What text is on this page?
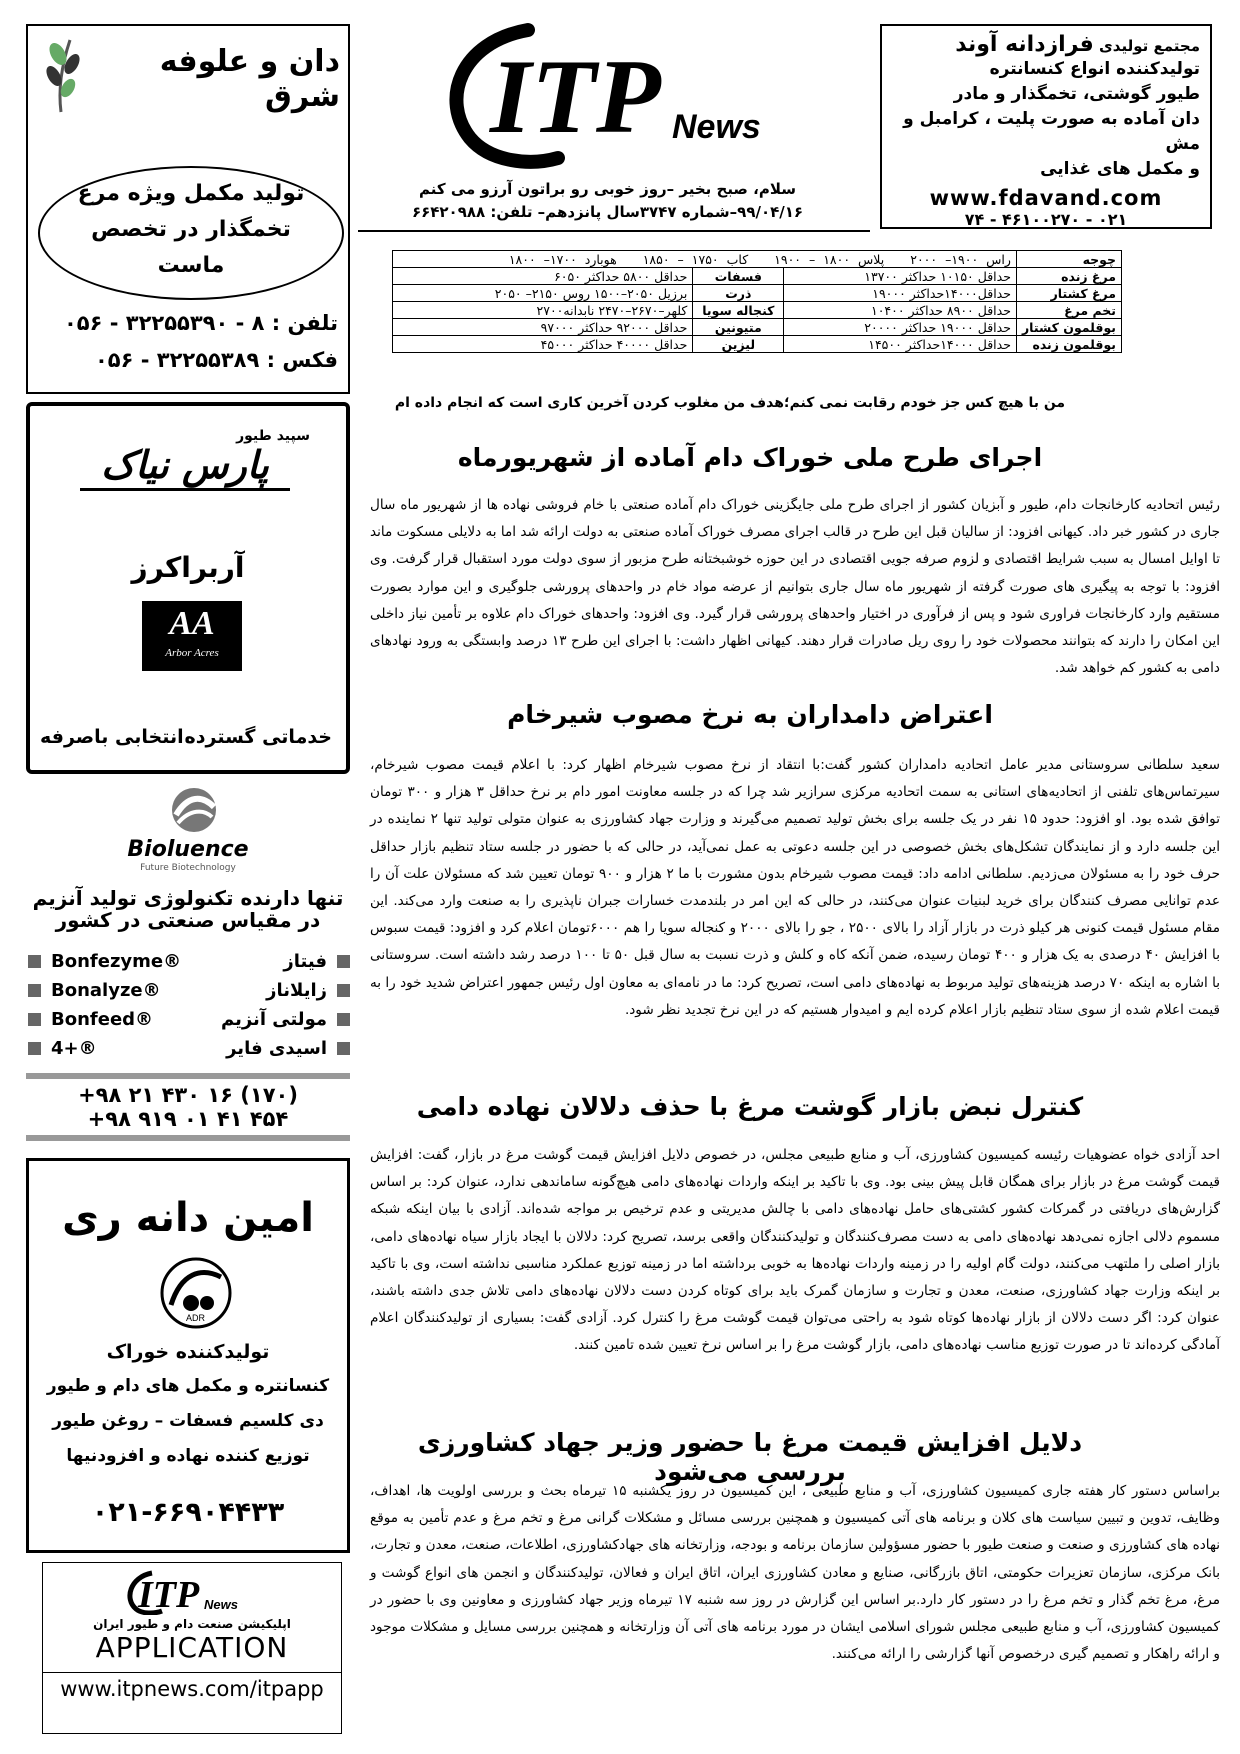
مجتمع تولیدی فرازدانه آوند
تولیدکننده انواع کنسانتره
طیور گوشتی، تخمگذار و مادر
دان آماده به صورت پلیت ، کرامبل و مش
و مکمل های غذایی
www.fdavand.com
۰۲۱ - ۴۶۱۰۰۲۷۰ - ۷۴
ITP News
سلام، صبح بخیر –روز خوبی رو براتون آرزو می کنم
۹۹/۰۴/۱۶–شماره ۳۷۴۷سال پانزدهم– تلفن: ۶۶۴۲۰۹۸۸
چوجه	راس ۱۹۰۰– ۲۰۰۰پلاس ۱۸۰۰ – ۱۹۰۰کاب ۱۷۵۰ – ۱۸۵۰هوبارد ۱۷۰۰– ۱۸۰۰		
مرغ زنده	حداقل ۱۰۱۵۰ حداکثر ۱۳۷۰۰	فسفات	حداقل ۵۸۰۰ حداکثر ۶۰۵۰
مرغ کشتار	حداقل۱۴۰۰۰حداکثر ۱۹۰۰۰	ذرت	برزیل ۲۰۵۰–۱۵۰۰ روس ۲۱۵۰– ۲۰۵۰
تخم مرغ	حداقل ۸۹۰۰ حداکثر ۱۰۴۰۰	کنجاله سویا	کلهر–۲۶۷۰–۲۴۷۰ نابدانه۲۷۰۰
بوقلمون کشتار	حداقل ۱۹۰۰۰ حداکثر ۲۰۰۰۰	متیونین	حداقل ۹۲۰۰۰ حداکثر ۹۷۰۰۰
بوقلمون زنده	حداقل ۱۴۰۰۰حداکثر ۱۴۵۰۰	لیزین	حداقل ۴۰۰۰۰ حداکثر ۴۵۰۰۰
من با هیچ کس جز خودم رقابت نمی کنم؛هدف من مغلوب کردن آخرین کاری است که انجام داده ام
دان و علوفه شرق
تولید مکمل ویژه مرغ
تخمگذار در تخصص
ماست
تلفن : ۸ - ۳۲۲۵۵۳۹۰ - ۰۵۶
فکس : ۳۲۲۵۵۳۸۹ - ۰۵۶
سپید طیور
پارس نیاک
آربراکرز
AA
Arbor Acres
خدماتی گسترده
انتخابی باصرفه
Bioluence
Future Biotechnology
تنها دارنده تکنولوژی تولید آنزیم
در مقیاس صنعتی در کشور
Bonfezyme®	فیتاز
Bonalyze®	زایلاناز
Bonfeed®	مولتی آنزیم
4+®	اسیدی فایر
+۹۸ ۲۱ ۴۳۰ ۱۶ (۱۷۰)
+۹۸ ۹۱۹ ۰۱ ۴۱ ۴۵۴
امین دانه ری
ADR
تولیدکننده خوراک
کنسانتره و مکمل های دام و طیور
دی کلسیم فسفات – روغن طیور
توزیع کننده نهاده و افزودنیها
۰۲۱-۶۶۹۰۴۴۳۳
ITP News
اپلیکیشن صنعت دام و طیور ایران
APPLICATION
www.itpnews.com/itpapp
اجرای طرح ملی خوراک دام آماده از شهریورماه
رئیس اتحادیه کارخانجات دام، طیور و آبزیان کشور از اجرای طرح ملی جایگزینی خوراک دام آماده صنعتی با خام فروشی نهاده ها از شهریور ماه سال جاری در کشور خبر داد. کیهانی افزود: از سالیان قبل این طرح در قالب اجرای مصرف خوراک آماده صنعتی به دولت ارائه شد اما به دلایلی مسکوت ماند تا اوایل امسال به سبب شرایط اقتصادی و لزوم صرفه جویی اقتصادی در این حوزه خوشبختانه طرح مزبور از سوی دولت مورد استقبال قرار گرفت. وی افزود: با توجه به پیگیری های صورت گرفته از شهریور ماه سال جاری بتوانیم از عرضه مواد خام در واحدهای پرورشی جلوگیری و این موارد بصورت مستقیم وارد کارخانجات فراوری شود و پس از فرآوری در اختیار واحدهای پرورشی قرار گیرد. وی افزود: واحدهای خوراک دام علاوه بر تأمین نیاز داخلی این امکان را دارند که بتوانند محصولات خود را روی ریل صادرات قرار دهند. کیهانی اظهار داشت: با اجرای این طرح ۱۳ درصد وابستگی به ورود نهادهای دامی به کشور کم خواهد شد.
اعتراض دامداران به نرخ مصوب شیرخام
سعید سلطانی سروستانی مدیر عامل اتحادیه دامداران کشور گفت:با انتقاد از نرخ مصوب شیرخام اظهار کرد: با اعلام قیمت مصوب شیرخام، سیرتماس‌های تلفنی از اتحادیه‌های استانی به سمت اتحادیه مرکزی سرازیر شد چرا که در جلسه معاونت امور دام بر نرخ حداقل ۳ هزار و ۳۰۰ تومان توافق شده بود. او افزود: حدود ۱۵ نفر در یک جلسه برای بخش تولید تصمیم می‌گیرند و وزارت جهاد کشاورزی به عنوان متولی تولید تنها ۲ نماینده در این جلسه دارد و از نمایندگان تشکل‌های بخش خصوصی در این جلسه دعوتی به عمل نمی‌آید، در حالی که با حضور در جلسه ستاد تنظیم بازار حداقل حرف خود را به مسئولان می‌زدیم. سلطانی ادامه داد: قیمت مصوب شیرخام بدون مشورت با ما ۲ هزار و ۹۰۰ تومان تعیین شد که مسئولان علت آن را عدم توانایی مصرف کنندگان برای خرید لبنیات عنوان می‌کنند، در حالی که این امر در بلندمدت خسارات جبران ناپذیری را به صنعت وارد می‌کند. این مقام مسئول قیمت کنونی هر کیلو ذرت در بازار آزاد را بالای ۲۵۰۰ ، جو را بالای ۲۰۰۰ و کنجاله سویا را هم ۶۰۰۰تومان اعلام کرد و افزود: قیمت سبوس با افزایش ۴۰ درصدی به یک هزار و ۴۰۰ تومان رسیده، ضمن آنکه کاه و کلش و ذرت نسبت به سال قبل ۵۰ تا ۱۰۰ درصد رشد داشته است. سروستانی با اشاره به اینکه ۷۰ درصد هزینه‌های تولید مربوط به نهاده‌های دامی است، تصریح کرد: ما در نامه‌ای به معاون اول رئیس جمهور اعتراض شدید خود را به قیمت اعلام شده از سوی ستاد تنظیم بازار اعلام کرده ایم و امیدوار هستیم که در این نرخ تجدید نظر شود.
کنترل نبض بازار گوشت مرغ با حذف دلالان نهاده دامی
احد آزادی خواه عضوهیات رئیسه کمیسیون کشاورزی، آب و منابع طبیعی مجلس، در خصوص دلایل افزایش قیمت گوشت مرغ در بازار، گفت: افزایش قیمت گوشت مرغ در بازار برای همگان قابل پیش بینی بود. وی با تاکید بر اینکه واردات نهاده‌های دامی هیچ‌گونه ساماندهی ندارد، عنوان کرد: بر اساس گزارش‌های دریافتی در گمرکات کشور کشتی‌های حامل نهاده‌های دامی با چالش مدیریتی و عدم ترخیص بر مواجه شده‌اند. آزادی با بیان اینکه شبکه مسموم دلالی اجازه نمی‌دهد نهاده‌های دامی به دست مصرف‌کنندگان و تولیدکنندگان واقعی برسد، تصریح کرد: دلالان با ایجاد بازار سیاه نهاده‌های دامی، بازار اصلی را ملتهب می‌کنند، دولت گام اولیه را در زمینه واردات نهاده‌ها به خوبی برداشته اما در زمینه توزیع عملکرد مناسبی نداشته است، وی با تاکید بر اینکه وزارت جهاد کشاورزی، صنعت، معدن و تجارت و سازمان گمرک باید برای کوتاه کردن دست دلالان نهاده‌های دامی تلاش جدی داشته باشند، عنوان کرد: اگر دست دلالان از بازار نهاده‌ها کوتاه شود به راحتی می‌توان قیمت گوشت مرغ را کنترل کرد. آزادی گفت: بسیاری از تولیدکنندگان اعلام آمادگی کرده‌اند تا در صورت توزیع مناسب نهاده‌های دامی، بازار گوشت مرغ را بر اساس نرخ تعیین شده تامین کنند.
دلایل افزایش قیمت مرغ با حضور وزیر جهاد کشاورزی بررسی می‌شود
براساس دستور کار هفته جاری کمیسیون کشاورزی، آب و منابع طبیعی ، این کمیسیون در روز یکشنبه ۱۵ تیرماه بحث و بررسی اولویت ها، اهداف، وظایف، تدوین و تبیین سیاست های کلان و برنامه های آتی کمیسیون و همچنین بررسی مسائل و مشکلات گرانی مرغ و تخم مرغ و عدم تأمین به موقع نهاده های کشاورزی و صنعت و صنعت طیور با حضور مسؤولین سازمان برنامه و بودجه، وزارتخانه های جهادکشاورزی، اطلاعات، صنعت، معدن و تجارت، بانک مرکزی، سازمان تعزیرات حکومتی، اتاق بازرگانی، صنایع و معادن کشاورزی ایران، اتاق ایران و فعالان، تولیدکنندگان و انجمن های انواع گوشت و مرغ، مرغ تخم گذار و تخم مرغ را در دستور کار دارد.بر اساس این گزارش در روز سه شنبه ۱۷ تیرماه وزیر جهاد کشاورزی و معاونین وی با حضور در کمیسیون کشاورزی، آب و منابع طبیعی مجلس شورای اسلامی ایشان در مورد برنامه های آتی آن وزارتخانه و همچنین بررسی مسایل و مشکلات موجود و ارائه راهکار و تصمیم گیری درخصوص آنها گزارشی را ارائه می‌کنند.
